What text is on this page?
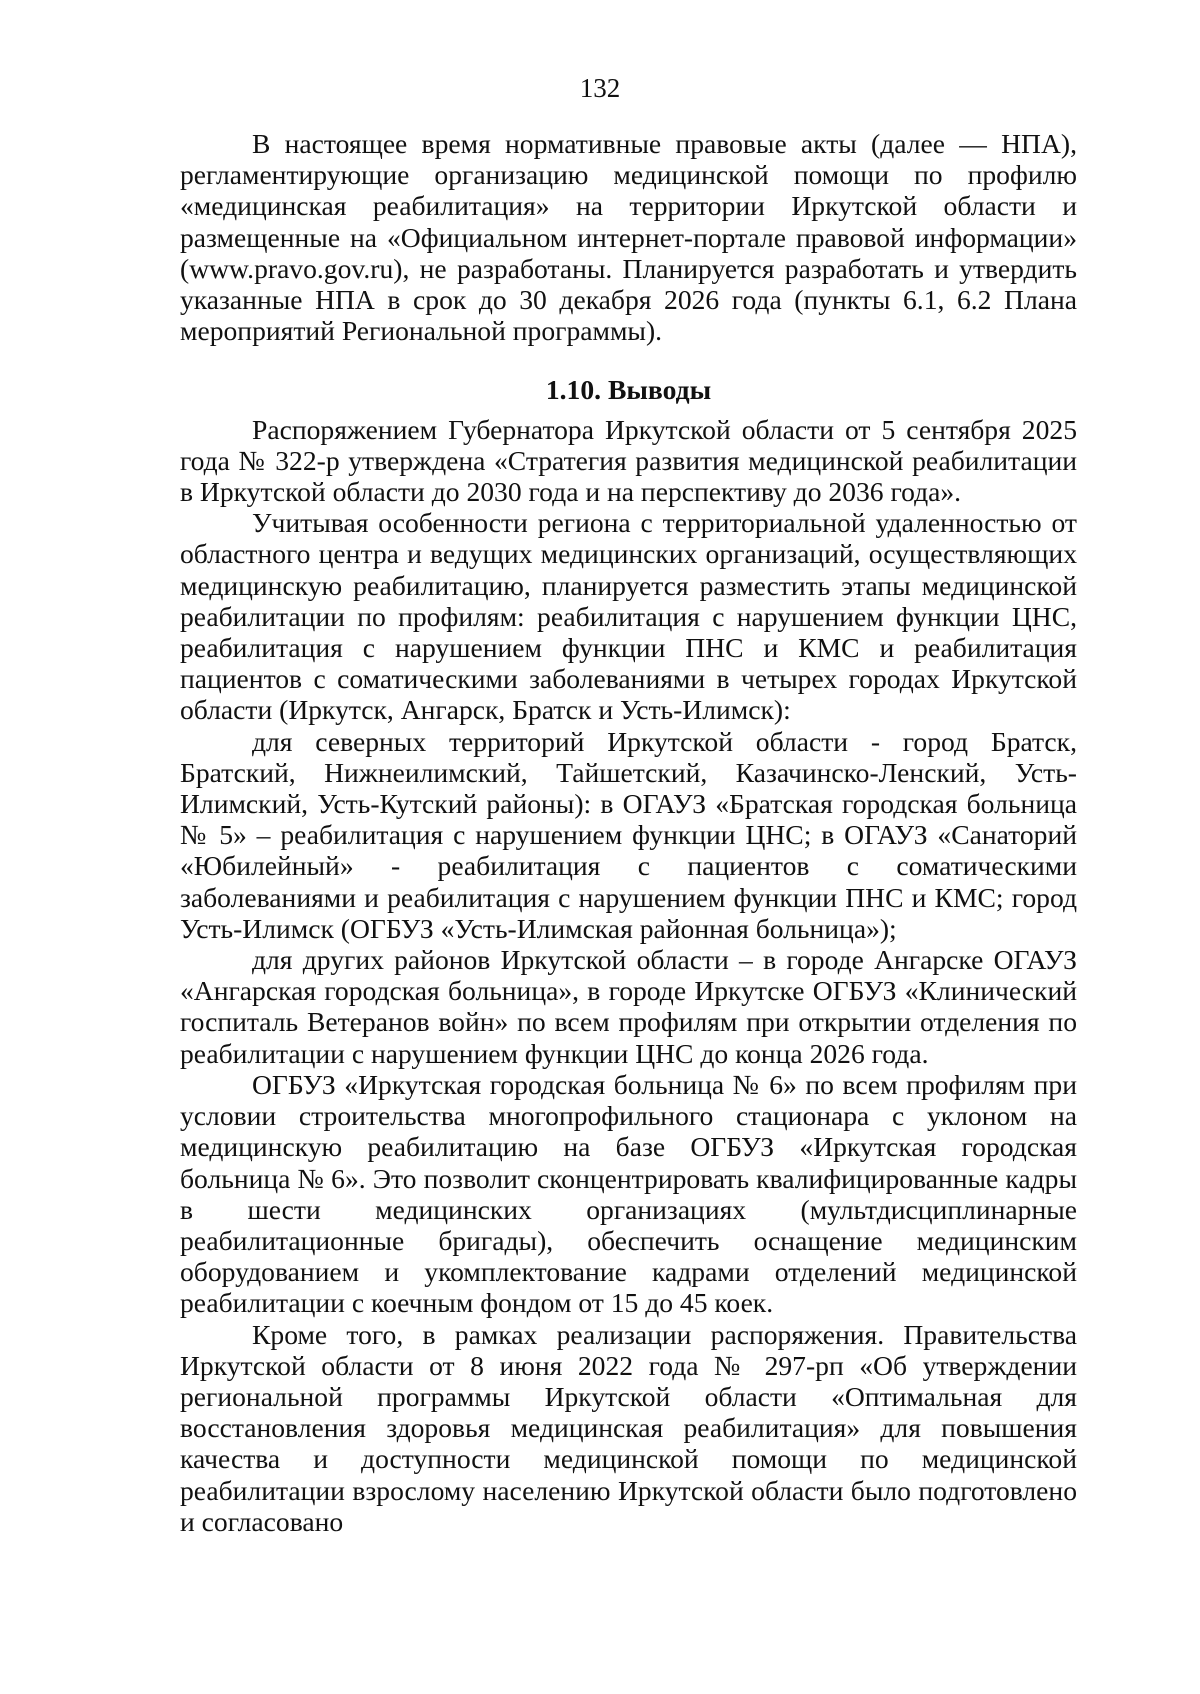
132

В настоящее время нормативные правовые акты (далее — НПА), регламентирующие организацию медицинской помощи по профилю «медицинская реабилитация» на территории Иркутской области и размещенные на «Официальном интернет-портале правовой информации» (www.pravo.gov.ru), не разработаны. Планируется разработать и утвердить указанные НПА в срок до 30 декабря 2026 года (пункты 6.1, 6.2 Плана мероприятий Региональной программы).

1.10. Выводы

Распоряжением Губернатора Иркутской области от 5 сентября 2025 года № 322-р утверждена «Стратегия развития медицинской реабилитации в Иркутской области до 2030 года и на перспективу до 2036 года».

Учитывая особенности региона с территориальной удаленностью от областного центра и ведущих медицинских организаций, осуществляющих медицинскую реабилитацию, планируется разместить этапы медицинской реабилитации по профилям: реабилитация с нарушением функции ЦНС, реабилитация с нарушением функции ПНС и КМС и реабилитация пациентов с соматическими заболеваниями в четырех городах Иркутской области (Иркутск, Ангарск, Братск и Усть-Илимск):

для северных территорий Иркутской области - город Братск, Братский, Нижнеилимский, Тайшетский, Казачинско-Ленский, Усть-Илимский, Усть-Кутский районы): в ОГАУЗ «Братская городская больница № 5» – реабилитация с нарушением функции ЦНС; в ОГАУЗ «Санаторий «Юбилейный» - реабилитация с пациентов с соматическими заболеваниями и реабилитация с нарушением функции ПНС и КМС; город Усть-Илимск (ОГБУЗ «Усть-Илимская районная больница»);

для других районов Иркутской области – в городе Ангарске ОГАУЗ «Ангарская городская больница», в городе Иркутске ОГБУЗ «Клинический госпиталь Ветеранов войн» по всем профилям при открытии отделения по реабилитации с нарушением функции ЦНС до конца 2026 года.

ОГБУЗ «Иркутская городская больница № 6» по всем профилям при условии строительства многопрофильного стационара с уклоном на медицинскую реабилитацию на базе ОГБУЗ «Иркутская городская больница № 6». Это позволит сконцентрировать квалифицированные кадры в шести медицинских организациях (мультдисциплинарные реабилитационные бригады), обеспечить оснащение медицинским оборудованием и укомплектование кадрами отделений медицинской реабилитации с коечным фондом от 15 до 45 коек.

Кроме того, в рамках реализации распоряжения. Правительства Иркутской области от 8 июня 2022 года № 297-рп «Об утверждении региональной программы Иркутской области «Оптимальная для восстановления здоровья медицинская реабилитация» для повышения качества и доступности медицинской помощи по медицинской реабилитации взрослому населению Иркутской области было подготовлено и согласовано
